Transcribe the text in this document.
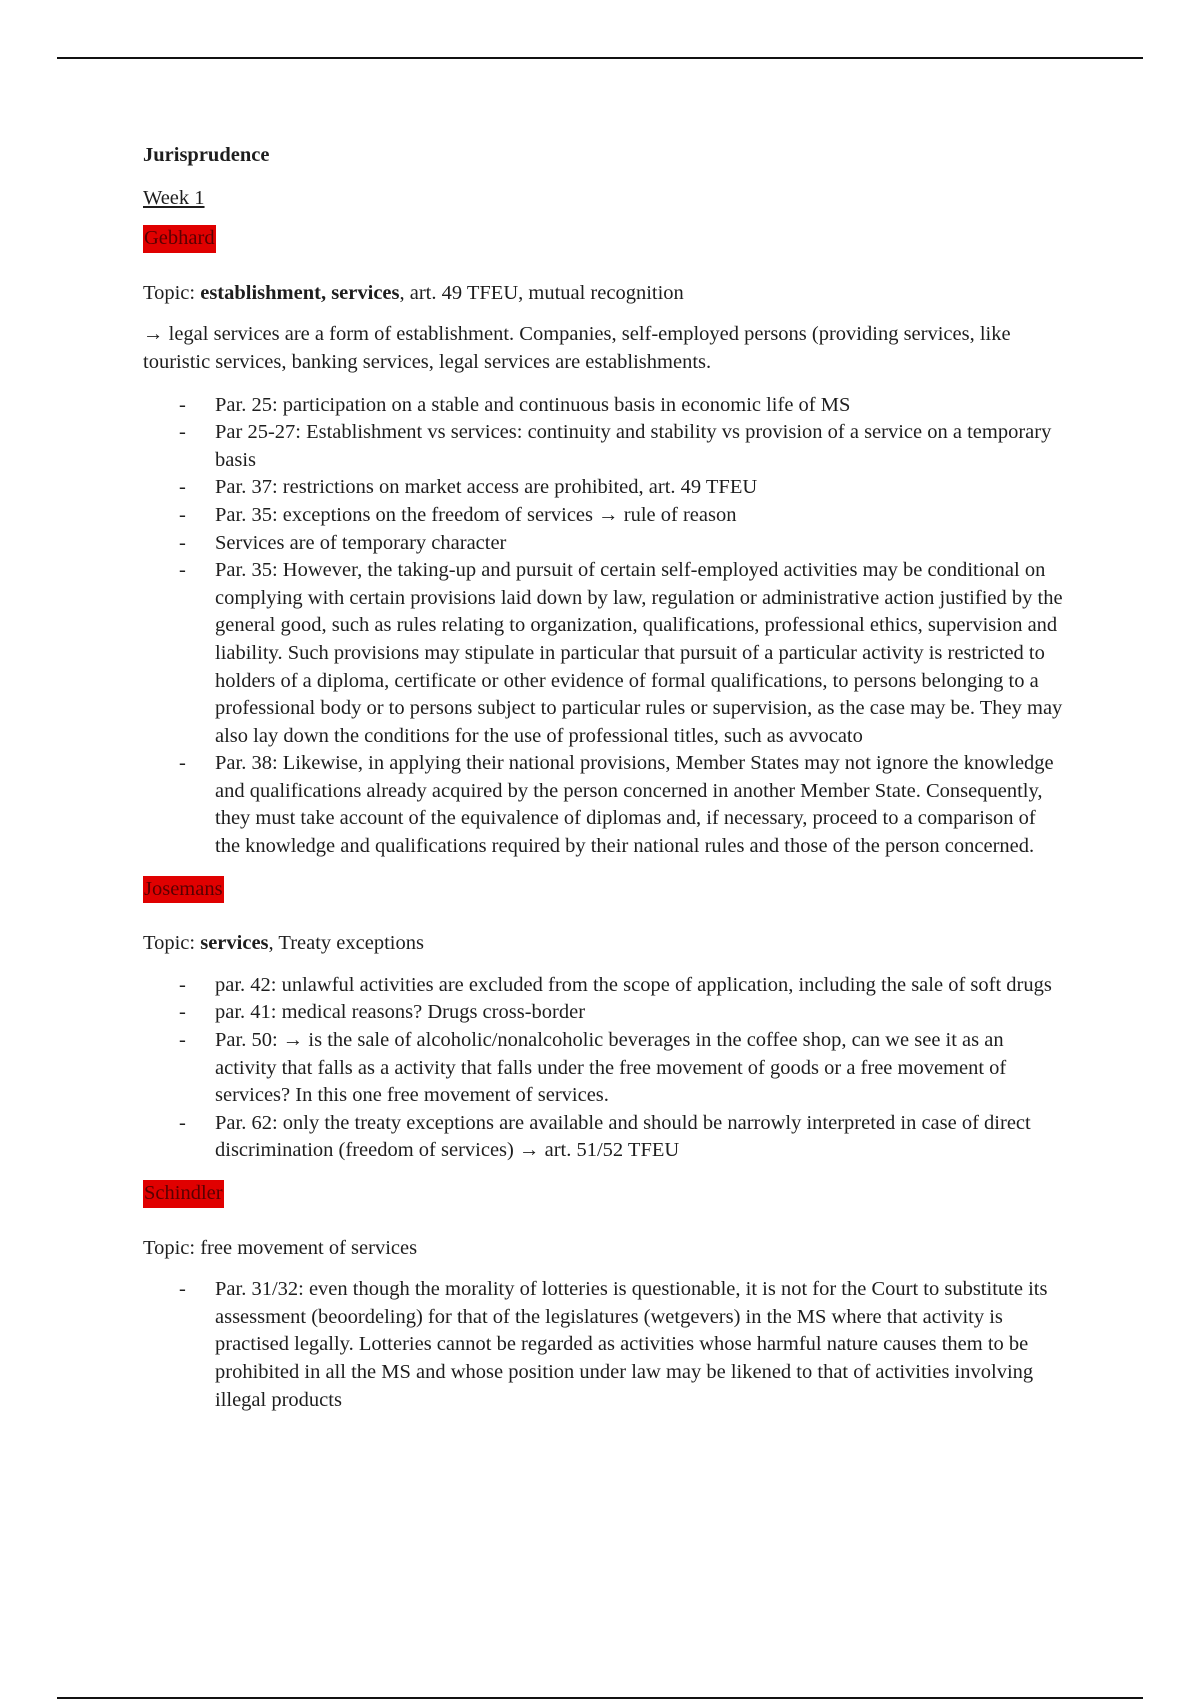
Jurisprudence
Week 1
Gebhard
Topic: establishment, services, art. 49 TFEU, mutual recognition
→ legal services are a form of establishment. Companies, self-employed persons (providing services, like touristic services, banking services, legal services are establishments.
- Par. 25: participation on a stable and continuous basis in economic life of MS
- Par 25-27: Establishment vs services: continuity and stability vs provision of a service on a temporary basis
- Par. 37: restrictions on market access are prohibited, art. 49 TFEU
- Par. 35: exceptions on the freedom of services → rule of reason
- Services are of temporary character
- Par. 35: However, the taking-up and pursuit of certain self-employed activities may be conditional on complying with certain provisions laid down by law, regulation or administrative action justified by the general good, such as rules relating to organization, qualifications, professional ethics, supervision and liability. Such provisions may stipulate in particular that pursuit of a particular activity is restricted to holders of a diploma, certificate or other evidence of formal qualifications, to persons belonging to a professional body or to persons subject to particular rules or supervision, as the case may be. They may also lay down the conditions for the use of professional titles, such as avvocato
- Par. 38: Likewise, in applying their national provisions, Member States may not ignore the knowledge and qualifications already acquired by the person concerned in another Member State. Consequently, they must take account of the equivalence of diplomas and, if necessary, proceed to a comparison of the knowledge and qualifications required by their national rules and those of the person concerned.
Josemans
Topic: services, Treaty exceptions
- par. 42: unlawful activities are excluded from the scope of application, including the sale of soft drugs
- par. 41: medical reasons? Drugs cross-border
- Par. 50: → is the sale of alcoholic/nonalcoholic beverages in the coffee shop, can we see it as an activity that falls as a activity that falls under the free movement of goods or a free movement of services? In this one free movement of services.
- Par. 62: only the treaty exceptions are available and should be narrowly interpreted in case of direct discrimination (freedom of services) → art. 51/52 TFEU
Schindler
Topic: free movement of services
- Par. 31/32: even though the morality of lotteries is questionable, it is not for the Court to substitute its assessment (beoordeling) for that of the legislatures (wetgevers) in the MS where that activity is practised legally. Lotteries cannot be regarded as activities whose harmful nature causes them to be prohibited in all the MS and whose position under law may be likened to that of activities involving illegal products
